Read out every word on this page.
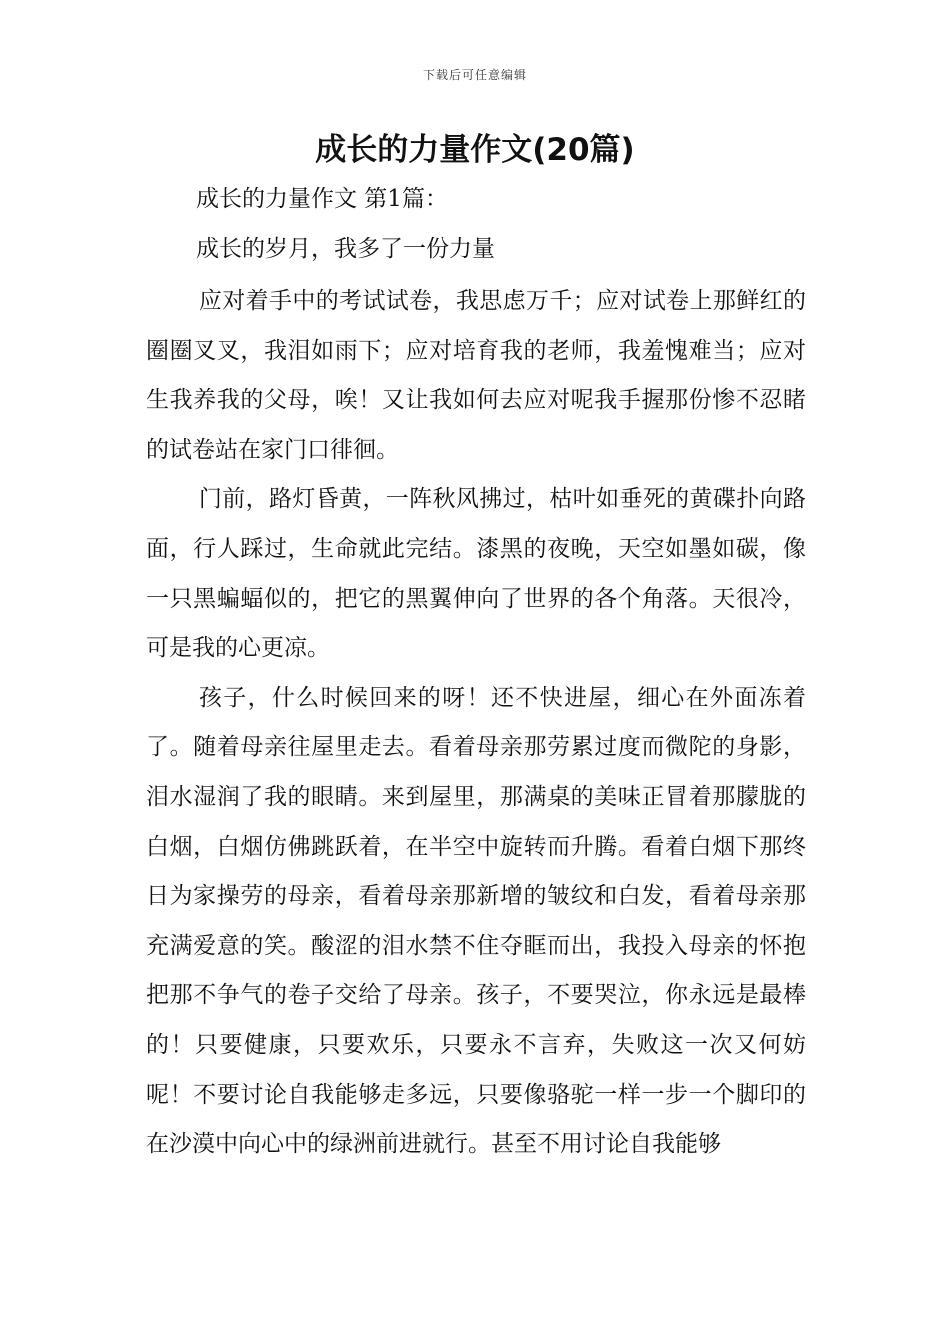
下载后可任意编辑
成长的力量作文(20篇)
成长的力量作文 第1篇：
成长的岁月，我多了一份力量

应对着手中的考试试卷，我思虑万千；应对试卷上那鲜红的圈圈叉叉，我泪如雨下；应对培育我的老师，我羞愧难当；应对生我养我的父母，唉！又让我如何去应对呢我手握那份惨不忍睹的试卷站在家门口徘徊。

门前，路灯昏黄，一阵秋风拂过，枯叶如垂死的黄碟扑向路面，行人踩过，生命就此完结。漆黑的夜晚，天空如墨如碳，像一只黑蝙蝠似的，把它的黑翼伸向了世界的各个角落。天很冷，可是我的心更凉。

孩子，什么时候回来的呀！还不快进屋，细心在外面冻着了。随着母亲往屋里走去。看着母亲那劳累过度而微陀的身影，泪水湿润了我的眼睛。来到屋里，那满桌的美味正冒着那朦胧的白烟，白烟仿佛跳跃着，在半空中旋转而升腾。看着白烟下那终日为家操劳的母亲，看着母亲那新增的皱纹和白发，看着母亲那充满爱意的笑。酸涩的泪水禁不住夺眶而出，我投入母亲的怀抱把那不争气的卷子交给了母亲。孩子，不要哭泣，你永远是最棒的！只要健康，只要欢乐，只要永不言弃，失败这一次又何妨呢！不要讨论自我能够走多远，只要像骆驼一样一步一个脚印的在沙漠中向心中的绿洲前进就行。甚至不用讨论自我能够
